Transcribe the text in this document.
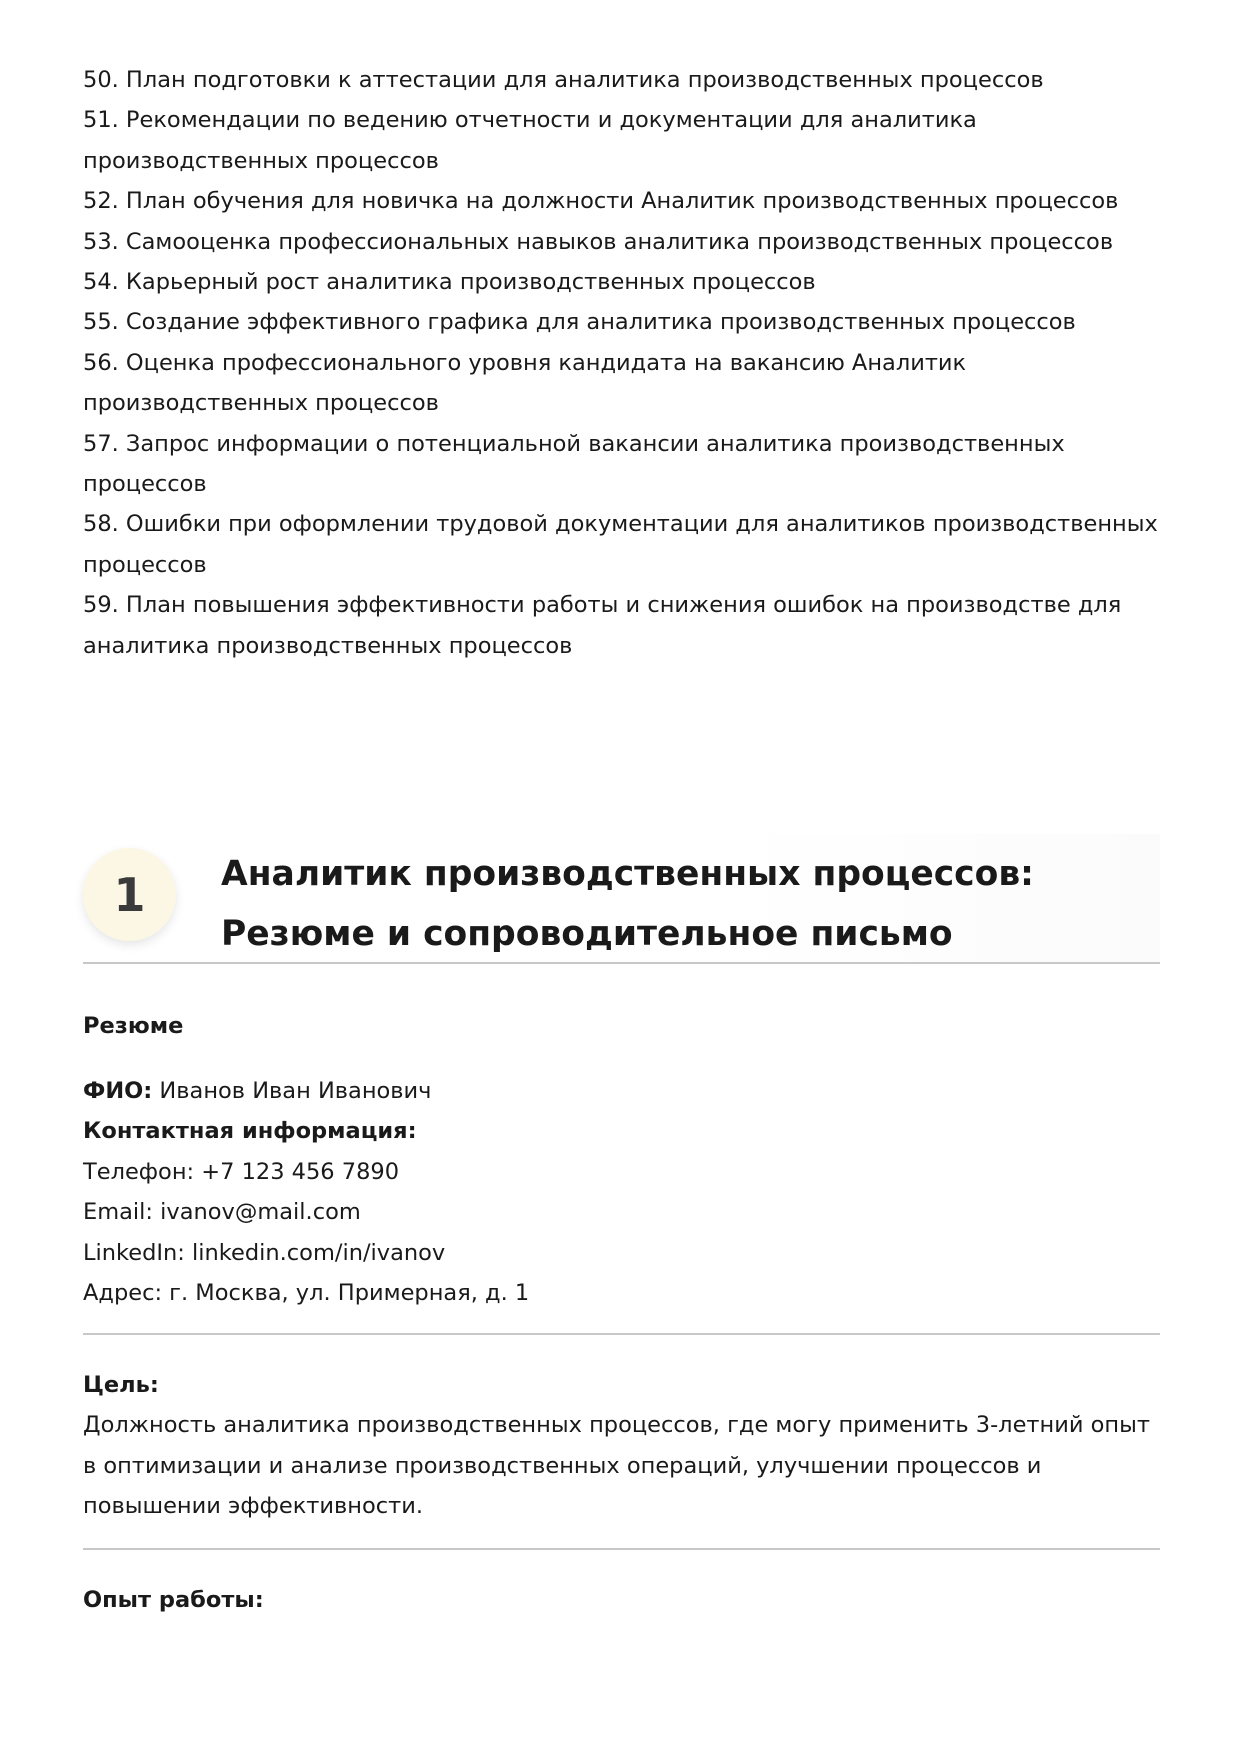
50. План подготовки к аттестации для аналитика производственных процессов
51. Рекомендации по ведению отчетности и документации для аналитика производственных процессов
52. План обучения для новичка на должности Аналитик производственных процессов
53. Самооценка профессиональных навыков аналитика производственных процессов
54. Карьерный рост аналитика производственных процессов
55. Создание эффективного графика для аналитика производственных процессов
56. Оценка профессионального уровня кандидата на вакансию Аналитик производственных процессов
57. Запрос информации о потенциальной вакансии аналитика производственных процессов
58. Ошибки при оформлении трудовой документации для аналитиков производственных процессов
59. План повышения эффективности работы и снижения ошибок на производстве для аналитика производственных процессов
1	Аналитик производственных процессов: Резюме и сопроводительное письмо
Резюме

ФИО: Иванов Иван Иванович

Контактная информация:

Телефон: +7 123 456 7890

Email: ivanov@mail.com

LinkedIn: linkedin.com/in/ivanov

Адрес: г. Москва, ул. Примерная, д. 1

Цель:

Должность аналитика производственных процессов, где могу применить 3-летний опыт в оптимизации и анализе производственных операций, улучшении процессов и повышении эффективности.

Опыт работы:
